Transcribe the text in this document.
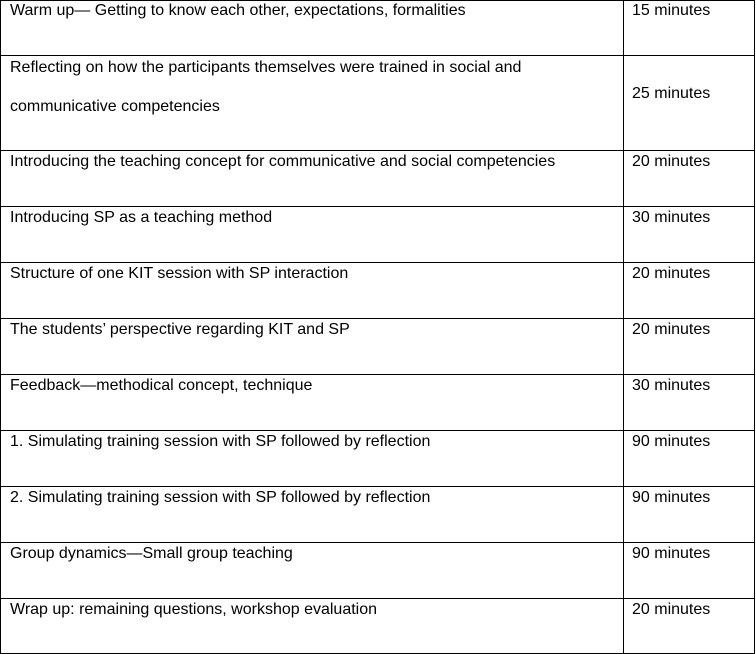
Warm up— Getting to know each other, expectations, formalities	15 minutes

Reflecting on how the participants themselves were trained in social and communicative competencies	25 minutes

Introducing the teaching concept for communicative and social competencies	20 minutes

Introducing SP as a teaching method	30 minutes

Structure of one KIT session with SP interaction	20 minutes

The students’ perspective regarding KIT and SP	20 minutes

Feedback—methodical concept, technique	30 minutes

1. Simulating training session with SP followed by reflection	90 minutes

2. Simulating training session with SP followed by reflection	90 minutes

Group dynamics—Small group teaching	90 minutes

Wrap up: remaining questions, workshop evaluation	20 minutes
